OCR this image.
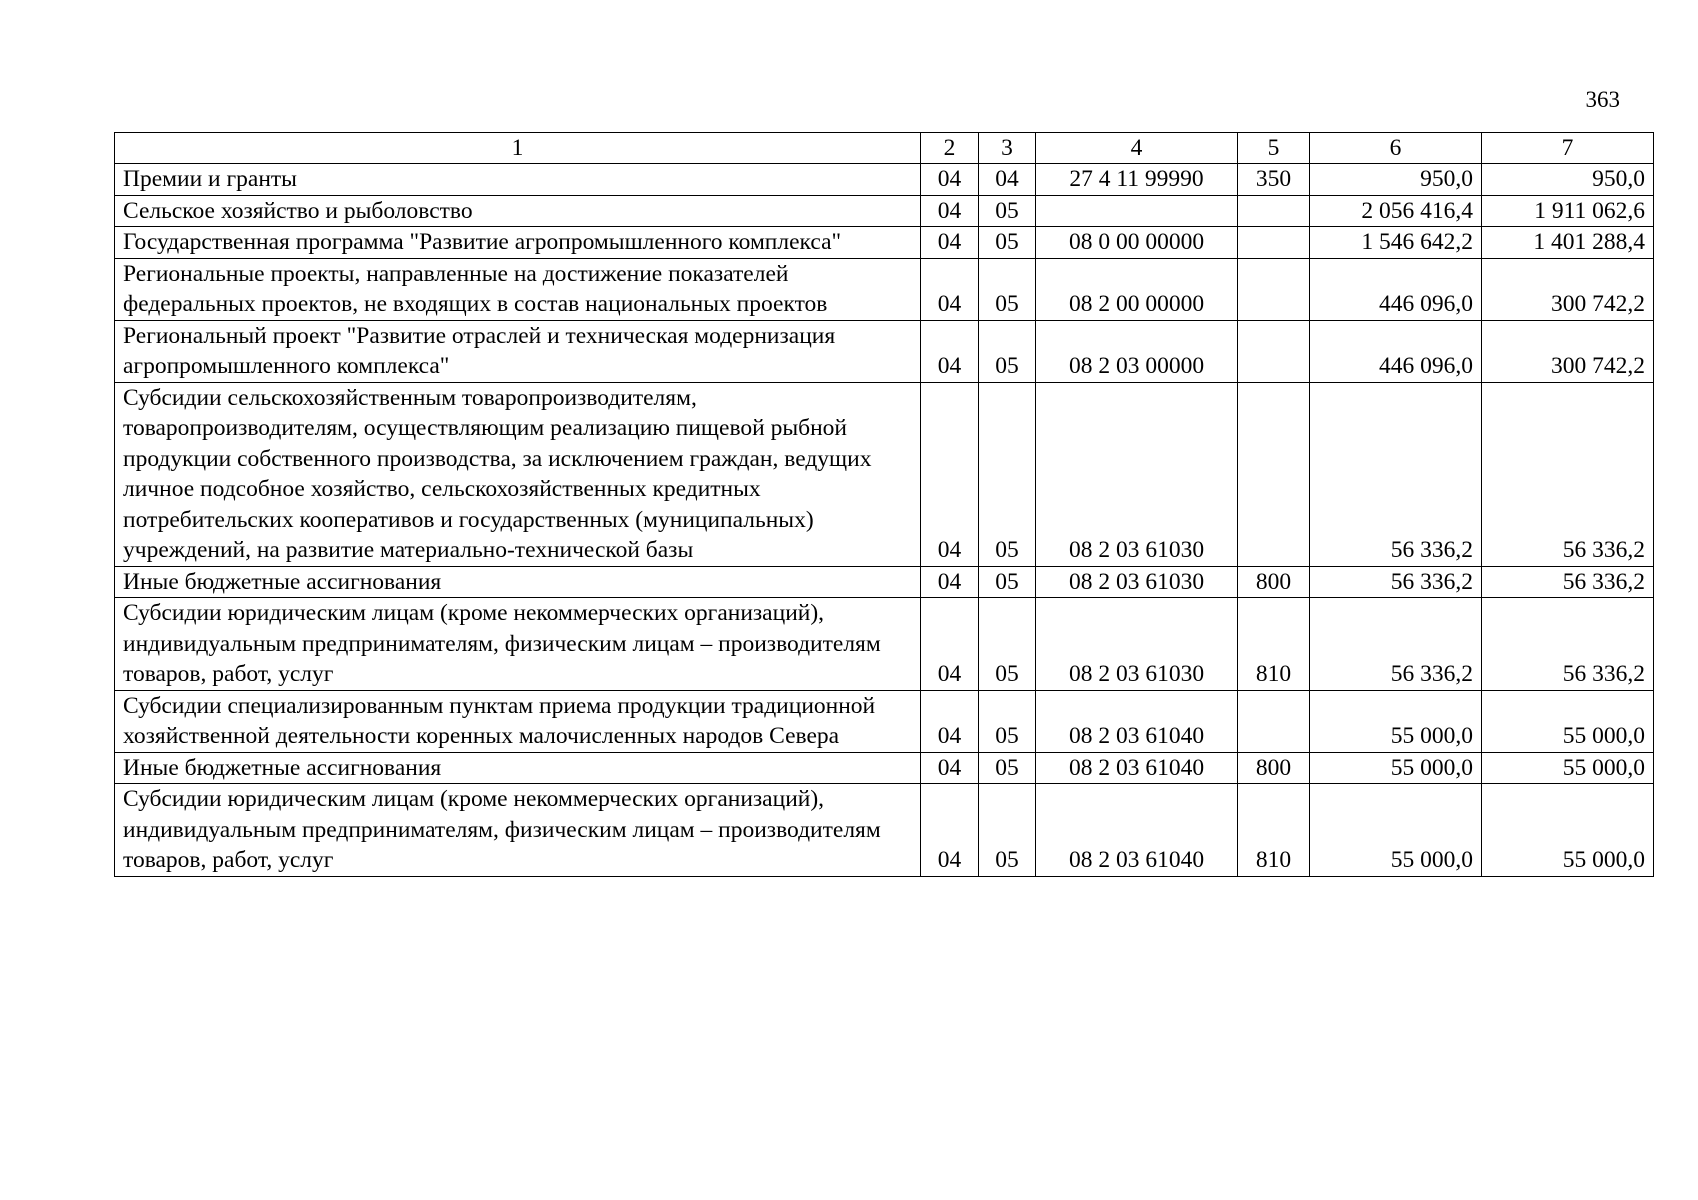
363
1	2	3	4	5	6	7
Премии и гранты	04	04	27 4 11 99990	350	950,0	950,0
Сельское хозяйство и рыболовство	04	05			2 056 416,4	1 911 062,6
Государственная программа "Развитие агропромышленного комплекса"	04	05	08 0 00 00000		1 546 642,2	1 401 288,4
Региональные проекты, направленные на достижение показателей федеральных проектов, не входящих в состав национальных проектов	04	05	08 2 00 00000		446 096,0	300 742,2
Региональный проект "Развитие отраслей и техническая модернизация агропромышленного комплекса"	04	05	08 2 03 00000		446 096,0	300 742,2
Субсидии сельскохозяйственным товаропроизводителям, товаропроизводителям, осуществляющим реализацию пищевой рыбной продукции собственного производства, за исключением граждан, ведущих личное подсобное хозяйство, сельскохозяйственных кредитных потребительских кооперативов и государственных (муниципальных) учреждений, на развитие материально-технической базы	04	05	08 2 03 61030		56 336,2	56 336,2
Иные бюджетные ассигнования	04	05	08 2 03 61030	800	56 336,2	56 336,2
Субсидии юридическим лицам (кроме некоммерческих организаций), индивидуальным предпринимателям, физическим лицам – производителям товаров, работ, услуг	04	05	08 2 03 61030	810	56 336,2	56 336,2
Субсидии специализированным пунктам приема продукции традиционной хозяйственной деятельности коренных малочисленных народов Севера	04	05	08 2 03 61040		55 000,0	55 000,0
Иные бюджетные ассигнования	04	05	08 2 03 61040	800	55 000,0	55 000,0
Субсидии юридическим лицам (кроме некоммерческих организаций), индивидуальным предпринимателям, физическим лицам – производителям товаров, работ, услуг	04	05	08 2 03 61040	810	55 000,0	55 000,0
